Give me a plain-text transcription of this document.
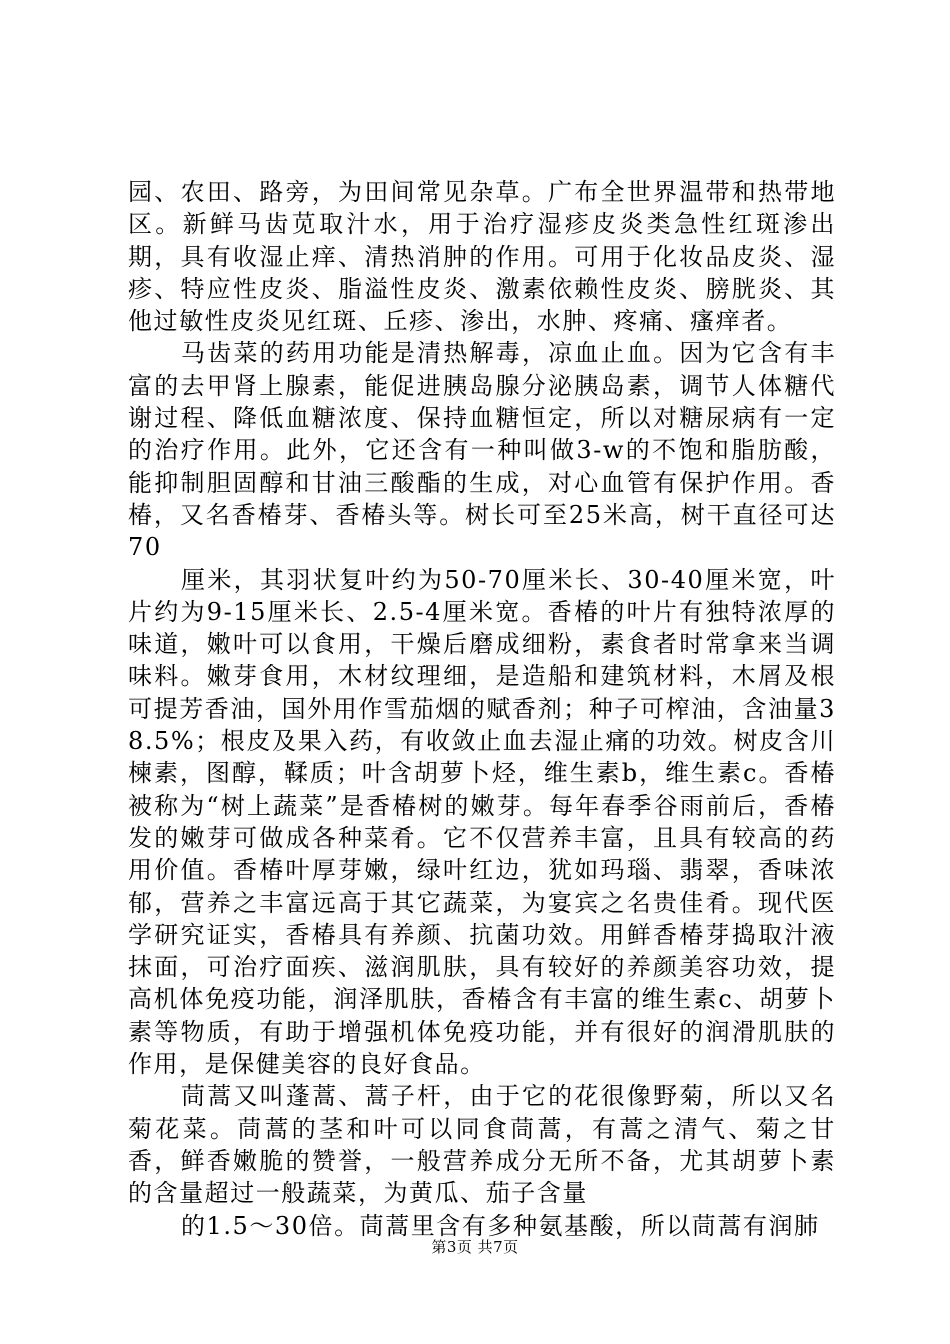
园、农田、路旁，为田间常见杂草。广布全世界温带和热带地区。新鲜马齿苋取汁水，用于治疗湿疹皮炎类急性红斑渗出期，具有收湿止痒、清热消肿的作用。可用于化妆品皮炎、湿疹、特应性皮炎、脂溢性皮炎、激素依赖性皮炎、膀胱炎、其他过敏性皮炎见红斑、丘疹、渗出，水肿、疼痛、瘙痒者。

马齿菜的药用功能是清热解毒，凉血止血。因为它含有丰富的去甲肾上腺素，能促进胰岛腺分泌胰岛素，调节人体糖代谢过程、降低血糖浓度、保持血糖恒定，所以对糖尿病有一定的治疗作用。此外，它还含有一种叫做3-w的不饱和脂肪酸，能抑制胆固醇和甘油三酸酯的生成，对心血管有保护作用。香椿，又名香椿芽、香椿头等。树长可至25米高，树干直径可达70

厘米，其羽状复叶约为50-70厘米长、30-40厘米宽，叶片约为9-15厘米长、2.5-4厘米宽。香椿的叶片有独特浓厚的味道，嫩叶可以食用，干燥后磨成细粉，素食者时常拿来当调味料。嫩芽食用，木材纹理细，是造船和建筑材料，木屑及根可提芳香油，国外用作雪茄烟的赋香剂；种子可榨油，含油量38.5%；根皮及果入药，有收敛止血去湿止痛的功效。树皮含川楝素，图醇，鞣质；叶含胡萝卜烃，维生素b，维生素c。香椿被称为“树上蔬菜”是香椿树的嫩芽。每年春季谷雨前后，香椿发的嫩芽可做成各种菜肴。它不仅营养丰富，且具有较高的药用价值。香椿叶厚芽嫩，绿叶红边，犹如玛瑙、翡翠，香味浓郁，营养之丰富远高于其它蔬菜，为宴宾之名贵佳肴。现代医学研究证实，香椿具有养颜、抗菌功效。用鲜香椿芽捣取汁液抹面，可治疗面疾、滋润肌肤，具有较好的养颜美容功效，提高机体免疫功能，润泽肌肤，香椿含有丰富的维生素c、胡萝卜素等物质，有助于增强机体免疫功能，并有很好的润滑肌肤的作用，是保健美容的良好食品。

茼蒿又叫蓬蒿、蒿子杆，由于它的花很像野菊，所以又名菊花菜。茼蒿的茎和叶可以同食茼蒿，有蒿之清气、菊之甘香，鲜香嫩脆的赞誉，一般营养成分无所不备，尤其胡萝卜素的含量超过一般蔬菜，为黄瓜、茄子含量

的1.5～30倍。茼蒿里含有多种氨基酸，所以茼蒿有润肺

第3页 共7页
